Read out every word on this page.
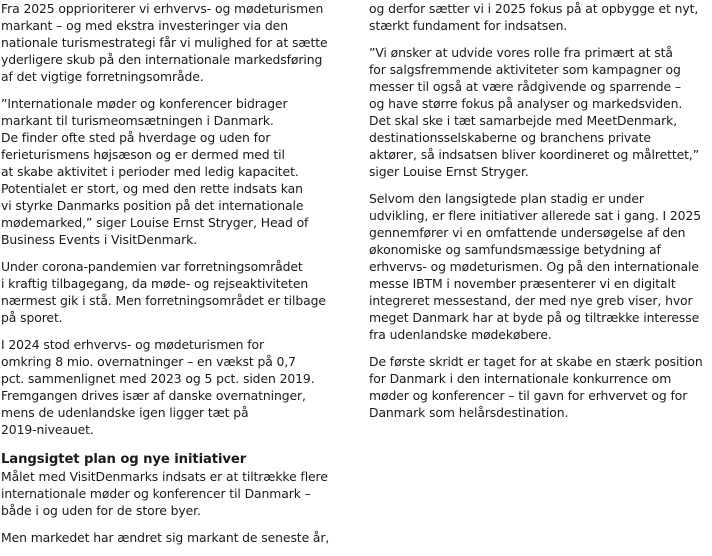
Fra 2025 opprioriterer vi erhvervs- og mødeturismen
markant – og med ekstra investeringer via den
nationale turismestrategi får vi mulighed for at sætte
yderligere skub på den internationale markedsføring
af det vigtige forretningsområde.

”Internationale møder og konferencer bidrager
markant til turismeomsætningen i Danmark.
De finder ofte sted på hverdage og uden for
ferieturismens højsæson og er dermed med til
at skabe aktivitet i perioder med ledig kapacitet.
Potentialet er stort, og med den rette indsats kan
vi styrke Danmarks position på det internationale
mødemarked,” siger Louise Ernst Stryger, Head of
Business Events i VisitDenmark.

Under corona-pandemien var forretningsområdet
i kraftig tilbagegang, da møde- og rejseaktiviteten
nærmest gik i stå. Men forretningsområdet er tilbage
på sporet.

I 2024 stod erhvervs- og mødeturismen for
omkring 8 mio. overnatninger – en vækst på 0,7
pct. sammenlignet med 2023 og 5 pct. siden 2019.
Fremgangen drives især af danske overnatninger,
mens de udenlandske igen ligger tæt på
2019-niveauet.

Langsigtet plan og nye initiativer

Målet med VisitDenmarks indsats er at tiltrække flere
internationale møder og konferencer til Danmark –
både i og uden for de store byer.

Men markedet har ændret sig markant de seneste år,

og derfor sætter vi i 2025 fokus på at opbygge et nyt,
stærkt fundament for indsatsen.

”Vi ønsker at udvide vores rolle fra primært at stå
for salgsfremmende aktiviteter som kampagner og
messer til også at være rådgivende og sparrende –
og have større fokus på analyser og markedsviden.
Det skal ske i tæt samarbejde med MeetDenmark,
destinationsselskaberne og branchens private
aktører, så indsatsen bliver koordineret og målrettet,”
siger Louise Ernst Stryger.

Selvom den langsigtede plan stadig er under
udvikling, er flere initiativer allerede sat i gang. I 2025
gennemfører vi en omfattende undersøgelse af den
økonomiske og samfundsmæssige betydning af
erhvervs- og mødeturismen. Og på den internationale
messe IBTM i november præsenterer vi en digitalt
integreret messestand, der med nye greb viser, hvor
meget Danmark har at byde på og tiltrække interesse
fra udenlandske mødekøbere.

De første skridt er taget for at skabe en stærk position
for Danmark i den internationale konkurrence om
møder og konferencer – til gavn for erhvervet og for
Danmark som helårsdestination.
